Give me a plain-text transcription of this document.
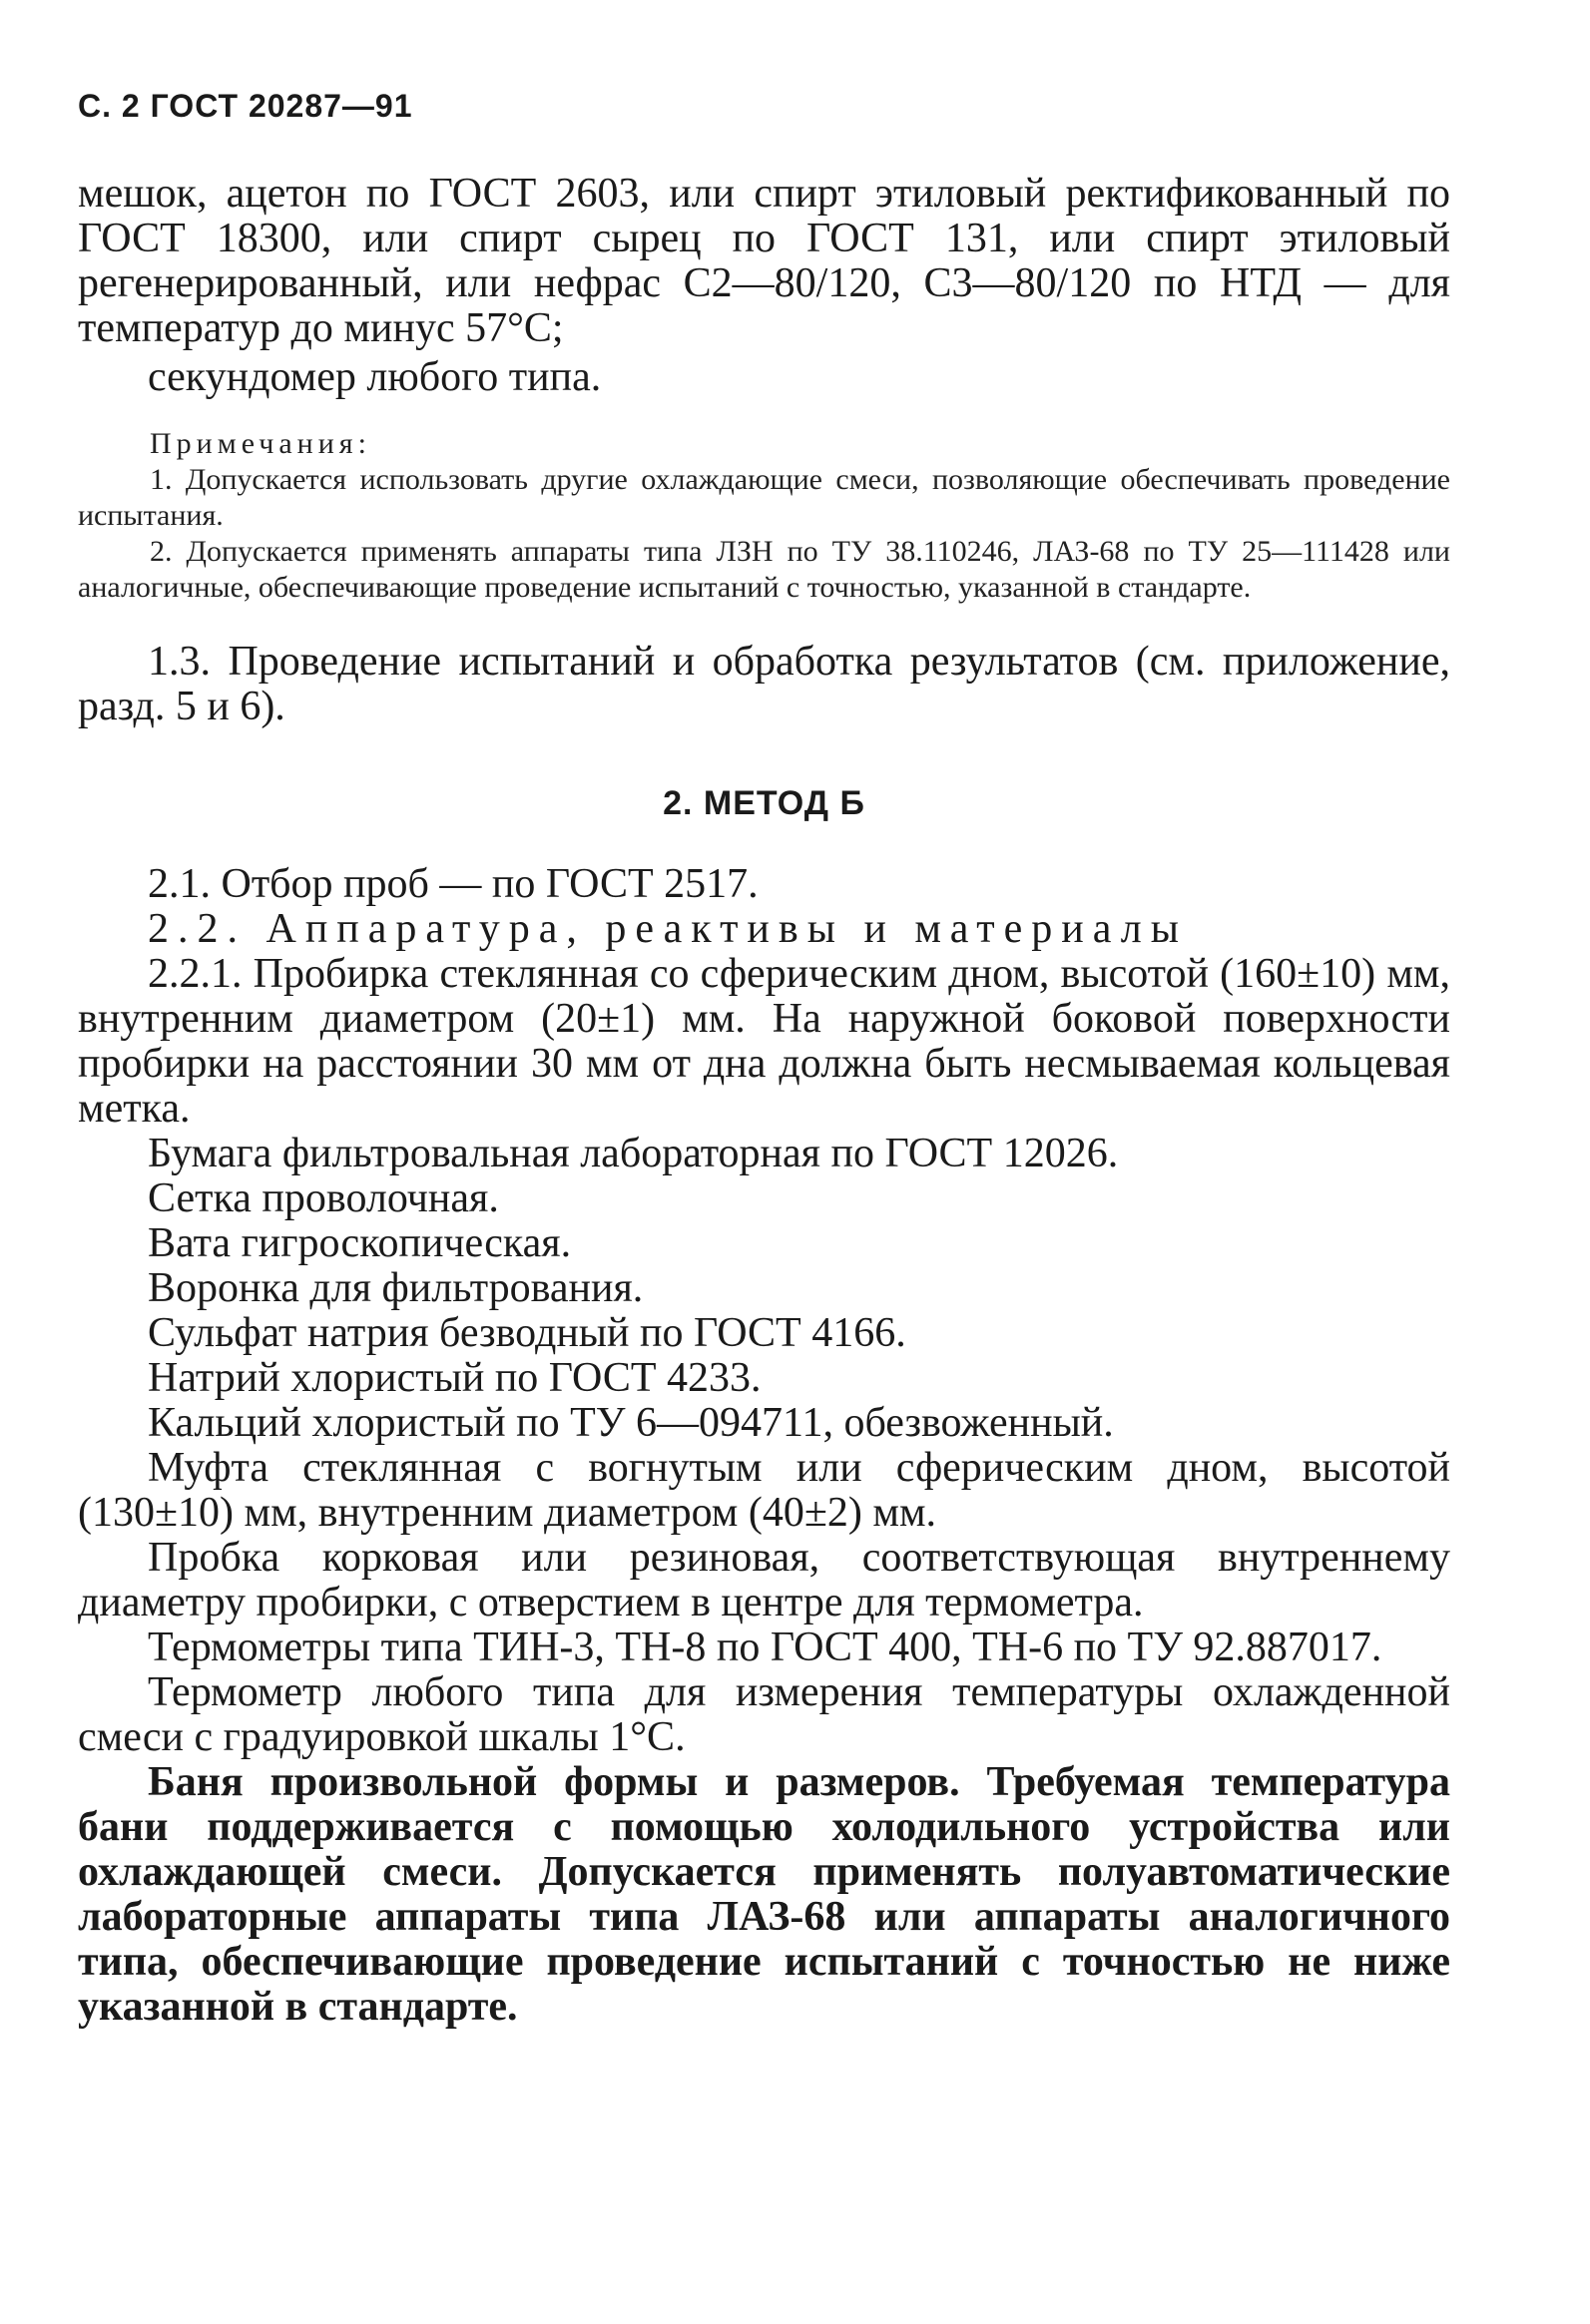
С. 2 ГОСТ 20287—91

мешок, ацетон по ГОСТ 2603, или спирт этиловый ректификованный по ГОСТ 18300, или спирт сырец по ГОСТ 131, или спирт этиловый регенерированный, или нефрас С2—80/120, С3—80/120 по НТД — для температур до минус 57°С;

секундомер любого типа.

Примечания:
1. Допускается использовать другие охлаждающие смеси, позволяющие обеспечивать проведение испытания.
2. Допускается применять аппараты типа ЛЗН по ТУ 38.110246, ЛАЗ-68 по ТУ 25—111428 или аналогичные, обеспечивающие проведение испытаний с точностью, указанной в стандарте.

1.3. Проведение испытаний и обработка результатов (см. приложение, разд. 5 и 6).

2. МЕТОД Б

2.1. Отбор проб — по ГОСТ 2517.

2.2. Аппаратура, реактивы и материалы

2.2.1. Пробирка стеклянная со сферическим дном, высотой (160±10) мм, внутренним диаметром (20±1) мм. На наружной боковой поверхности пробирки на расстоянии 30 мм от дна должна быть несмываемая кольцевая метка.

Бумага фильтровальная лабораторная по ГОСТ 12026.

Сетка проволочная.

Вата гигроскопическая.

Воронка для фильтрования.

Сульфат натрия безводный по ГОСТ 4166.

Натрий хлористый по ГОСТ 4233.

Кальций хлористый по ТУ 6—094711, обезвоженный.

Муфта стеклянная с вогнутым или сферическим дном, высотой (130±10) мм, внутренним диаметром (40±2) мм.

Пробка корковая или резиновая, соответствующая внутреннему диаметру пробирки, с отверстием в центре для термометра.

Термометры типа ТИН-3, ТН-8 по ГОСТ 400, ТН-6 по ТУ 92.887017.

Термометр любого типа для измерения температуры охлажденной смеси с градуировкой шкалы 1°С.

Баня произвольной формы и размеров. Требуемая температура бани поддерживается с помощью холодильного устройства или охлаждающей смеси. Допускается применять полуавтоматические лабораторные аппараты типа ЛАЗ-68 или аппараты аналогичного типа, обеспечивающие проведение испытаний с точностью не ниже указанной в стандарте.
